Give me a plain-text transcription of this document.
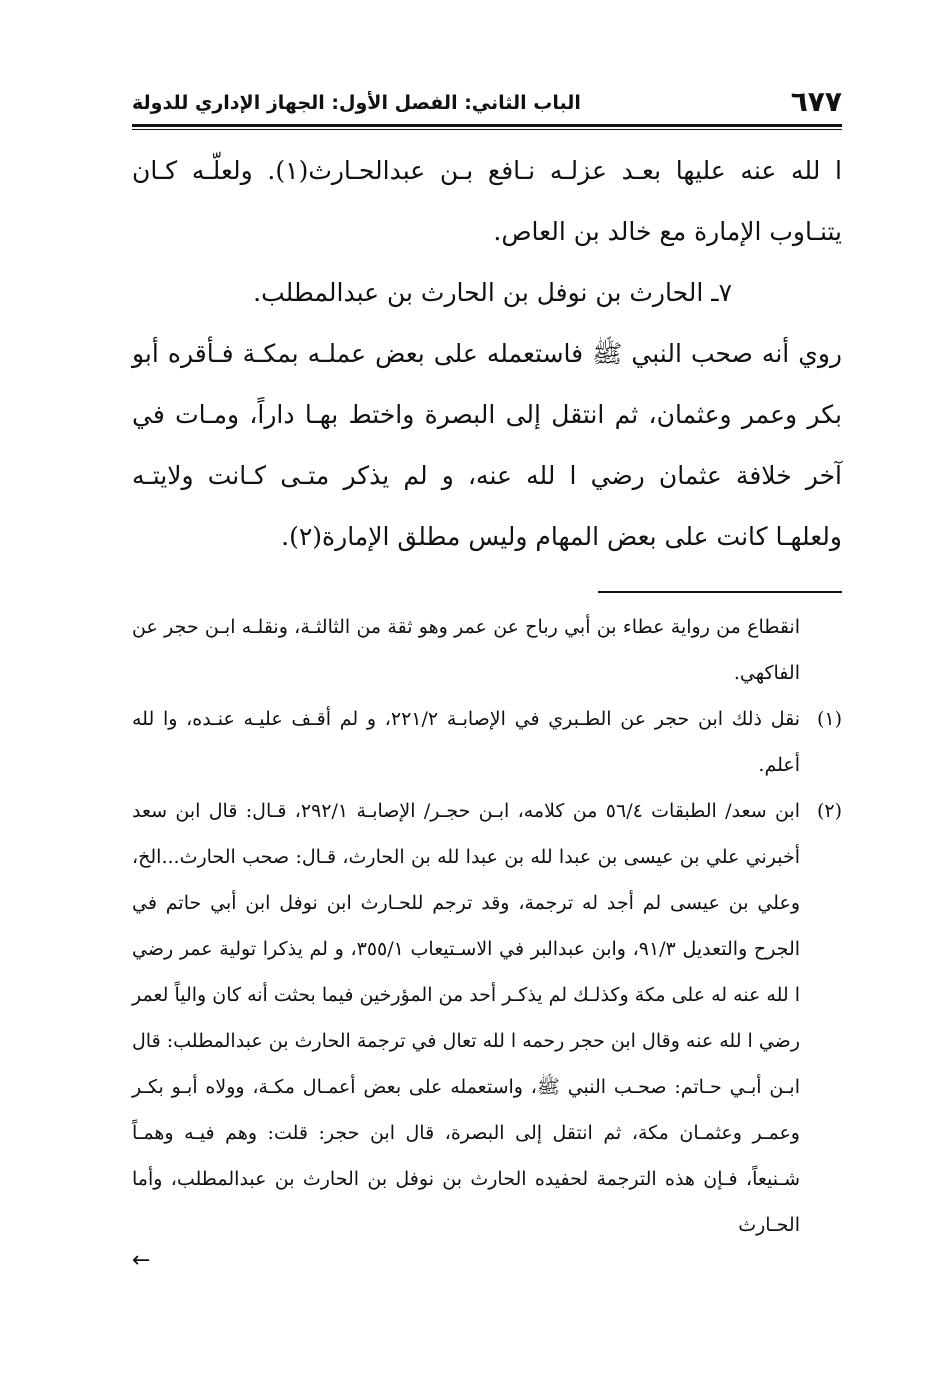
٦٧٧
الباب الثاني: الفصل الأول: الجهاز الإداري للدولة

ا لله عنه عليها بعـد عزلـه نـافع بـن عبدالحـارث(١). ولعلّـه كـان يتنـاوب الإمارة مع خالد بن العاص.

٧ـ الحارث بن نوفل بن الحارث بن عبدالمطلب.

روي أنه صحب النبي ﷺ فاستعمله على بعض عملـه بمكـة فـأقره أبو بكر وعمر وعثمان، ثم انتقل إلى البصرة واختط بهـا داراً، ومـات في آخر خلافة عثمان رضي ا لله عنه، و لم يذكر متـى كـانت ولايتـه ولعلهـا كانت على بعض المهام وليس مطلق الإمارة(٢).

انقطاع من رواية عطاء بن أبي رباح عن عمر وهو ثقة من الثالثـة، ونقلـه ابـن حجر عن الفاكهي.

(١)
نقل ذلك ابن حجر عن الطـبري في الإصابـة ٢٢١/٢، و لم أقـف عليـه عنـده، وا لله أعلم.
(٢)
ابن سعد/ الطبقات ٥٦/٤ من كلامه، ابـن حجـر/ الإصابـة ٢٩٢/١، قـال: قال ابن سعد أخبرني علي بن عيسى بن عبدا لله بن عبدا لله بن الحارث، قـال: صحب الحارث...الخ، وعلي بن عيسى لم أجد له ترجمة، وقد ترجم للحـارث ابن نوفل ابن أبي حاتم في الجرح والتعديل ٩١/٣، وابن عبدالبر في الاسـتيعاب ٣٥٥/١، و لم يذكرا تولية عمر رضي ا لله عنه له على مكة وكذلـك لم يذكـر أحد من المؤرخين فيما بحثت أنه كان والياً لعمر رضي ا لله عنه وقال ابن حجر رحمه ا لله تعال في ترجمة الحارث بن عبدالمطلب: قال ابـن أبـي حـاتم: صحـب النبي ﷺ، واستعمله على بعض أعمـال مكـة، وولاه أبـو بكـر وعمـر وعثمـان مكة، ثم انتقل إلى البصرة، قال ابن حجر: قلت: وهم فيـه وهمـاً شـنيعاً، فـإن هذه الترجمة لحفيده الحارث بن نوفل بن الحارث بن عبدالمطلب، وأما الحـارث
←
